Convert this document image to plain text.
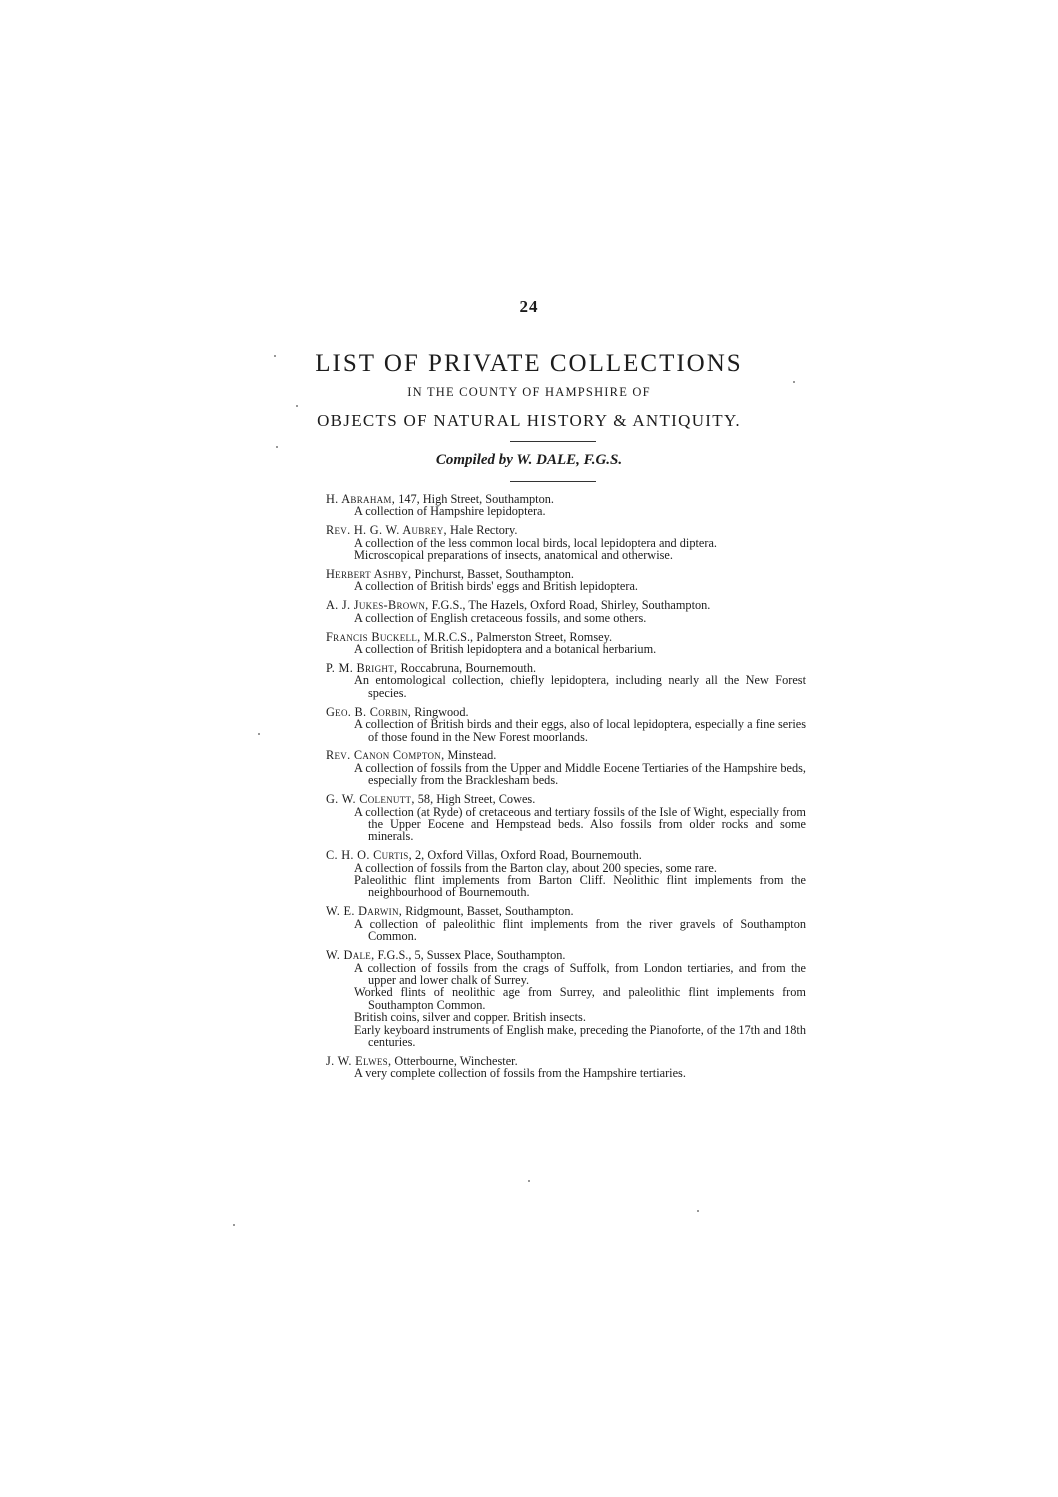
24
LIST OF PRIVATE COLLECTIONS
IN THE COUNTY OF HAMPSHIRE OF
OBJECTS OF NATURAL HISTORY & ANTIQUITY.
Compiled by W. DALE, F.G.S.
H. Abraham, 147, High Street, Southampton.
A collection of Hampshire lepidoptera.
Rev. H. G. W. Aubrey, Hale Rectory.
A collection of the less common local birds, local lepidoptera and diptera.
Microscopical preparations of insects, anatomical and otherwise.
Herbert Ashby, Pinchurst, Basset, Southampton.
A collection of British birds' eggs and British lepidoptera.
A. J. Jukes-Brown, F.G.S., The Hazels, Oxford Road, Shirley, Southampton.
A collection of English cretaceous fossils, and some others.
Francis Buckell, M.R.C.S., Palmerston Street, Romsey.
A collection of British lepidoptera and a botanical herbarium.
P. M. Bright, Roccabruna, Bournemouth.
An entomological collection, chiefly lepidoptera, including nearly all the New Forest species.
Geo. B. Corbin, Ringwood.
A collection of British birds and their eggs, also of local lepidoptera, especially a fine series of those found in the New Forest moorlands.
Rev. Canon Compton, Minstead.
A collection of fossils from the Upper and Middle Eocene Tertiaries of the Hampshire beds, especially from the Bracklesham beds.
G. W. Colenutt, 58, High Street, Cowes.
A collection (at Ryde) of cretaceous and tertiary fossils of the Isle of Wight, especially from the Upper Eocene and Hempstead beds. Also fossils from older rocks and some minerals.
C. H. O. Curtis, 2, Oxford Villas, Oxford Road, Bournemouth.
A collection of fossils from the Barton clay, about 200 species, some rare.
Paleolithic flint implements from Barton Cliff. Neolithic flint implements from the neighbourhood of Bournemouth.
W. E. Darwin, Ridgmount, Basset, Southampton.
A collection of paleolithic flint implements from the river gravels of Southampton Common.
W. Dale, F.G.S., 5, Sussex Place, Southampton.
A collection of fossils from the crags of Suffolk, from London tertiaries, and from the upper and lower chalk of Surrey.
Worked flints of neolithic age from Surrey, and paleolithic flint implements from Southampton Common.
British coins, silver and copper. British insects.
Early keyboard instruments of English make, preceding the Pianoforte, of the 17th and 18th centuries.
J. W. Elwes, Otterbourne, Winchester.
A very complete collection of fossils from the Hampshire tertiaries.
